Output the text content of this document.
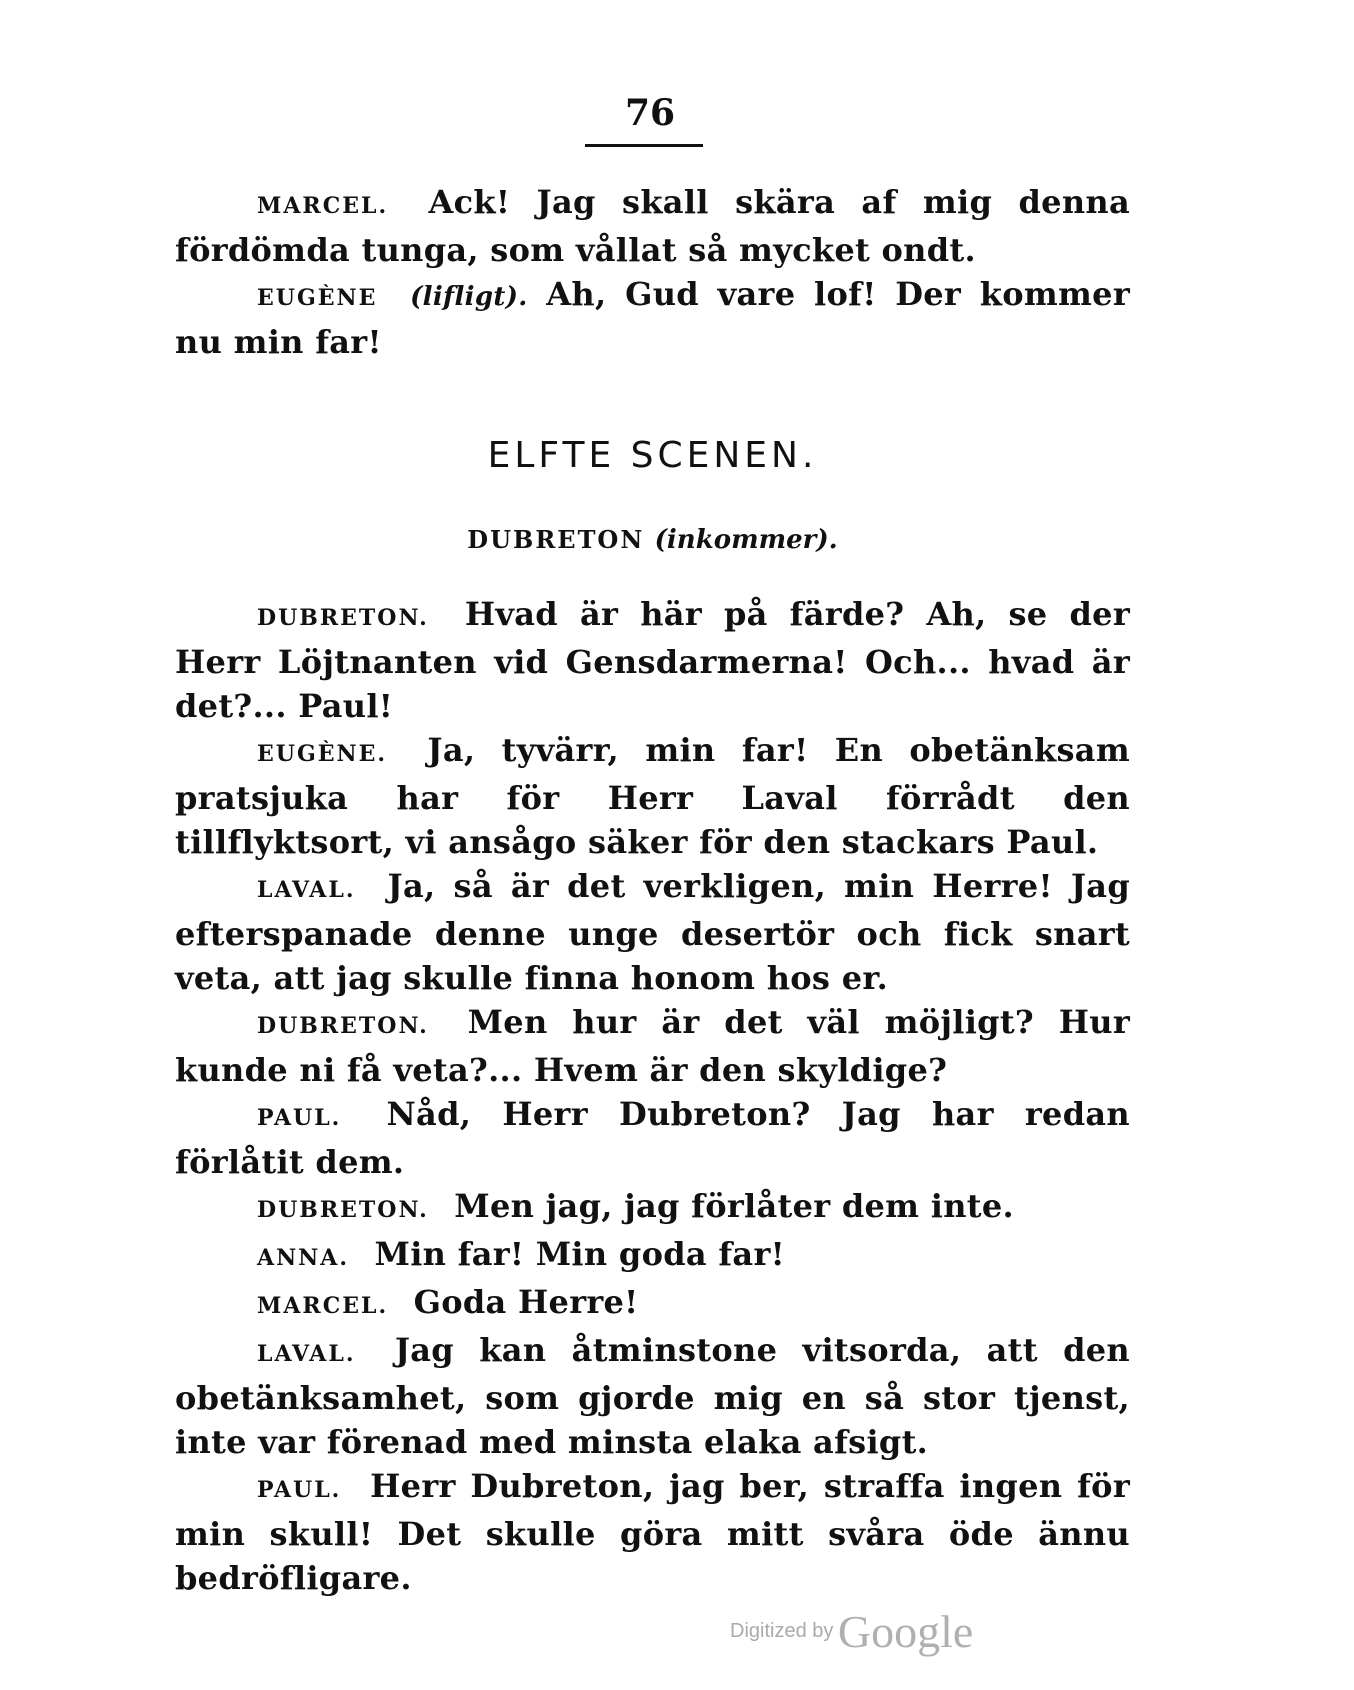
76

MARCEL. Ack! Jag skall skära af mig denna fördömda tunga, som vållat så mycket ondt.

EUGÈNE (lifligt). Ah, Gud vare lof! Der kommer nu min far!

ELFTE SCENEN.
DUBRETON (inkommer).

DUBRETON. Hvad är här på färde? Ah, se der Herr Löjtnanten vid Gensdarmerna! Och... hvad är det?... Paul!

EUGÈNE. Ja, tyvärr, min far! En obetänksam pratsjuka har för Herr Laval förrådt den tillflyktsort, vi ansågo säker för den stackars Paul.

LAVAL. Ja, så är det verkligen, min Herre! Jag efterspanade denne unge desertör och fick snart veta, att jag skulle finna honom hos er.

DUBRETON. Men hur är det väl möjligt? Hur kunde ni få veta?... Hvem är den skyldige?

PAUL. Nåd, Herr Dubreton? Jag har redan förlåtit dem.

DUBRETON. Men jag, jag förlåter dem inte.

ANNA. Min far! Min goda far!

MARCEL. Goda Herre!

LAVAL. Jag kan åtminstone vitsorda, att den obetänksamhet, som gjorde mig en så stor tjenst, inte var förenad med minsta elaka afsigt.

PAUL. Herr Dubreton, jag ber, straffa ingen för min skull! Det skulle göra mitt svåra öde ännu bedröfligare.

Digitized by Google
